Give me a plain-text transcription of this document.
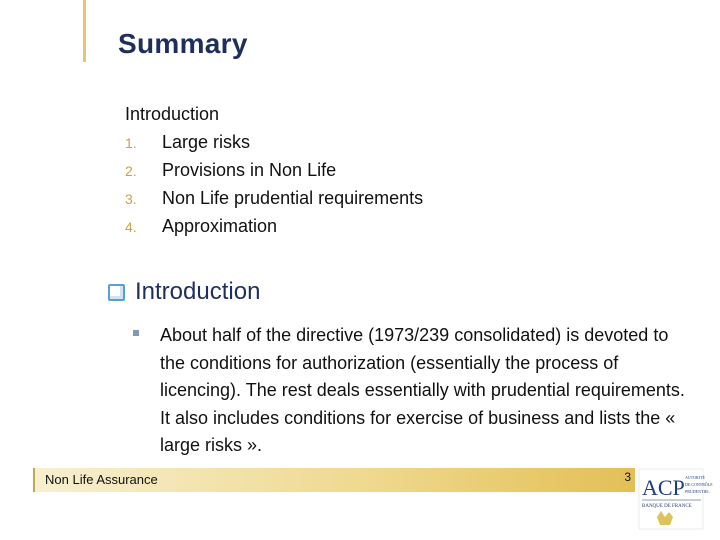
Summary
Introduction
1.	Large risks
2.	Provisions in Non Life
3.	Non Life prudential requirements
4.	Approximation
Introduction
About half of the directive (1973/239 consolidated) is devoted to the conditions for authorization (essentially the process of licencing). The rest deals essentially with prudential requirements. It also includes conditions for exercise of business and lists the « large risks ».
Non Life Assurance	3 ACP AUTORITÉ
DE CONTRÔLE
PRUDENTIEL
BANQUE DE FRANCE
